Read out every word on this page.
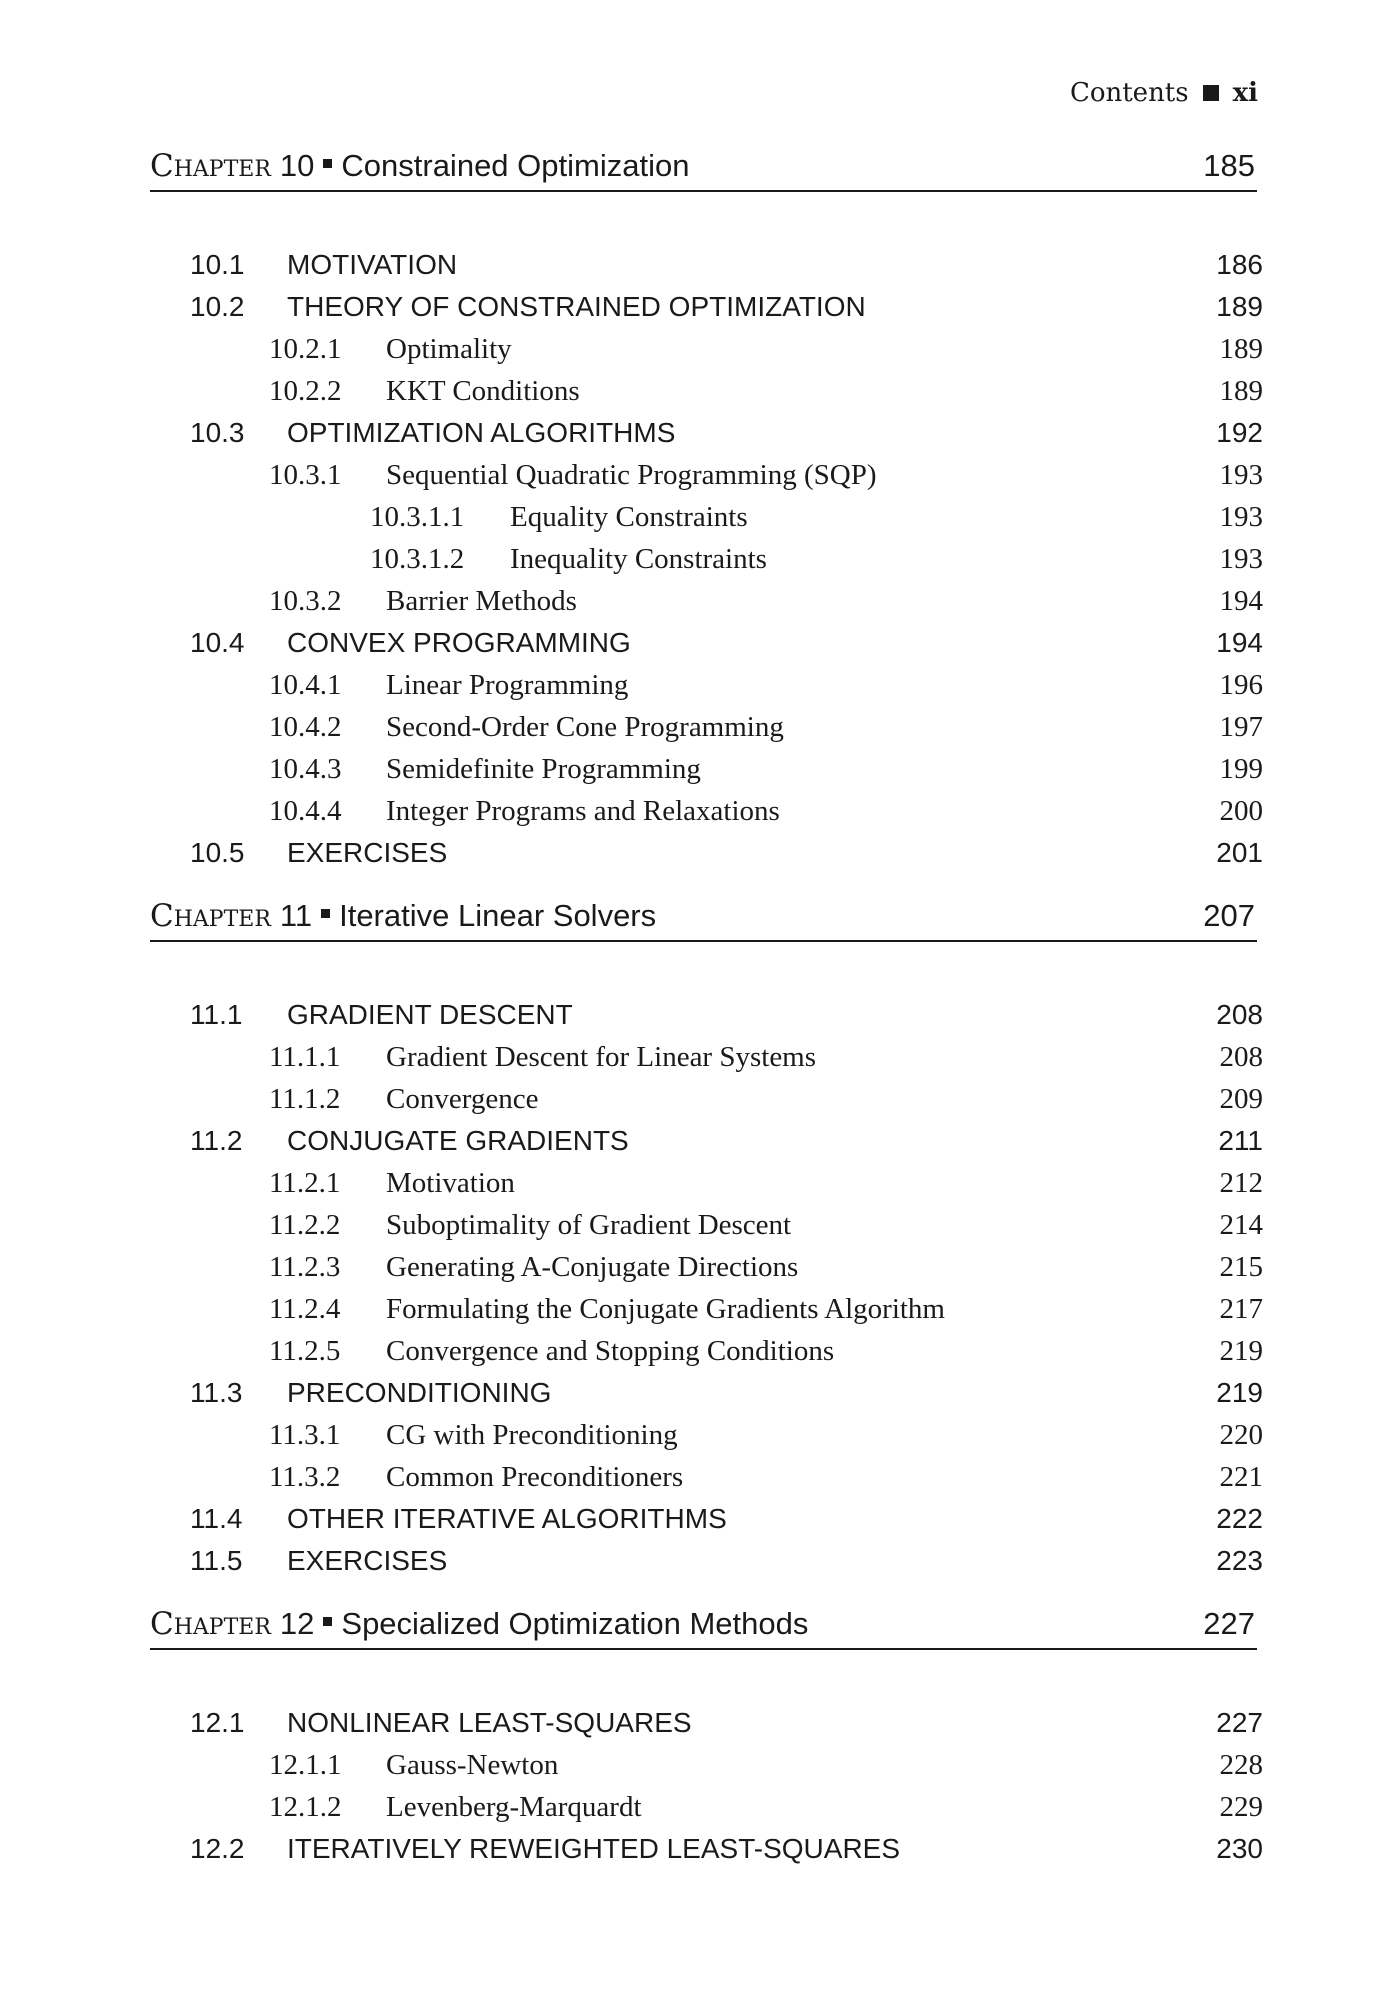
Contents xi
Chapter 10 Constrained Optimization	185
10.1 MOTIVATION	186
10.2 THEORY OF CONSTRAINED OPTIMIZATION	189
10.2.1 Optimality	189
10.2.2 KKT Conditions	189
10.3 OPTIMIZATION ALGORITHMS	192
10.3.1 Sequential Quadratic Programming (SQP)	193
10.3.1.1 Equality Constraints	193
10.3.1.2 Inequality Constraints	193
10.3.2 Barrier Methods	194
10.4 CONVEX PROGRAMMING	194
10.4.1 Linear Programming	196
10.4.2 Second-Order Cone Programming	197
10.4.3 Semidefinite Programming	199
10.4.4 Integer Programs and Relaxations	200
10.5 EXERCISES	201
Chapter 11 Iterative Linear Solvers	207
11.1 GRADIENT DESCENT	208
11.1.1 Gradient Descent for Linear Systems	208
11.1.2 Convergence	209
11.2 CONJUGATE GRADIENTS	211
11.2.1 Motivation	212
11.2.2 Suboptimality of Gradient Descent	214
11.2.3 Generating A-Conjugate Directions	215
11.2.4 Formulating the Conjugate Gradients Algorithm	217
11.2.5 Convergence and Stopping Conditions	219
11.3 PRECONDITIONING	219
11.3.1 CG with Preconditioning	220
11.3.2 Common Preconditioners	221
11.4 OTHER ITERATIVE ALGORITHMS	222
11.5 EXERCISES	223
Chapter 12 Specialized Optimization Methods	227
12.1 NONLINEAR LEAST-SQUARES	227
12.1.1 Gauss-Newton	228
12.1.2 Levenberg-Marquardt	229
12.2 ITERATIVELY REWEIGHTED LEAST-SQUARES	230
